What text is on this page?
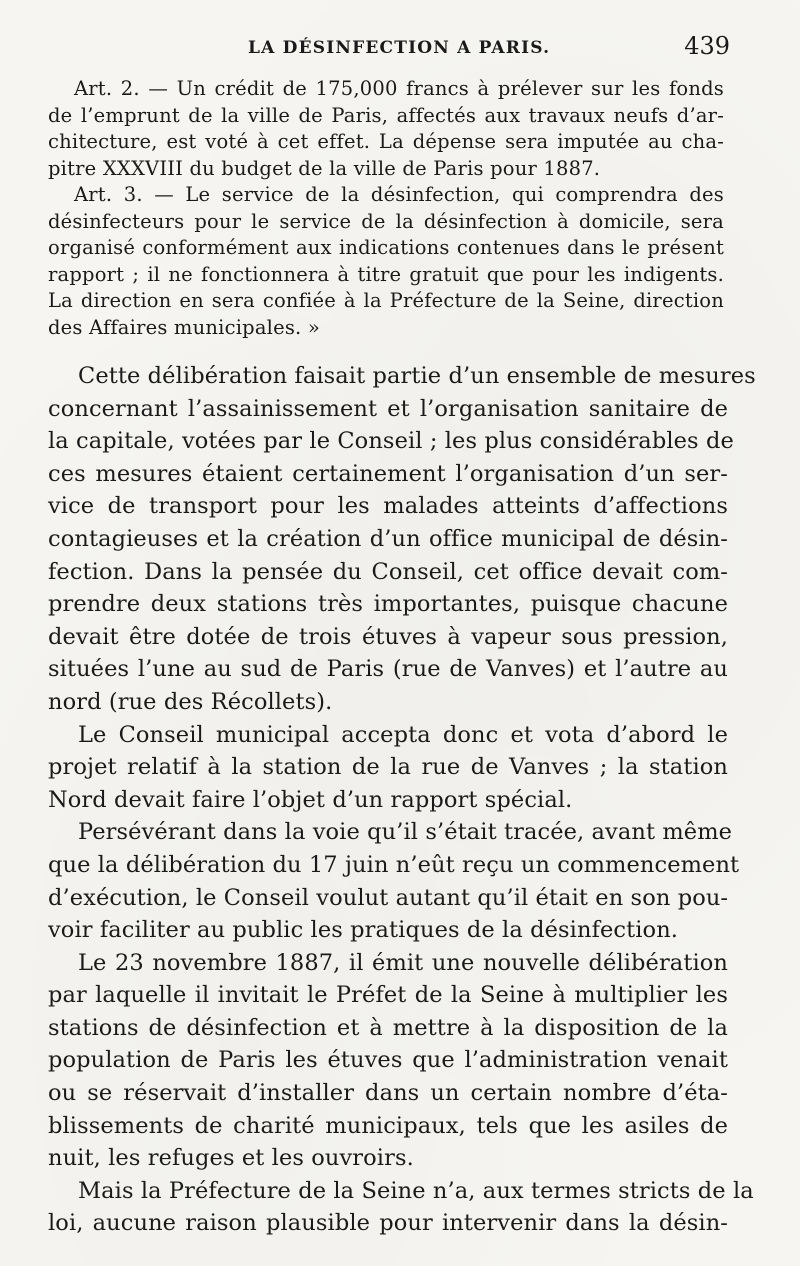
LA DÉSINFECTION A PARIS.	439
Art. 2. — Un crédit de 175,000 francs à prélever sur les fonds
de l’emprunt de la ville de Paris, affectés aux travaux neufs d’ar-
chitecture, est voté à cet effet. La dépense sera imputée au cha-
pitre XXXVIII du budget de la ville de Paris pour 1887.
Art. 3. — Le service de la désinfection, qui comprendra des
désinfecteurs pour le service de la désinfection à domicile, sera
organisé conformément aux indications contenues dans le présent
rapport ; il ne fonctionnera à titre gratuit que pour les indigents.
La direction en sera confiée à la Préfecture de la Seine, direction
des Affaires municipales. »
Cette délibération faisait partie d’un ensemble de mesures
concernant l’assainissement et l’organisation sanitaire de
la capitale, votées par le Conseil ; les plus considérables de
ces mesures étaient certainement l’organisation d’un ser-
vice de transport pour les malades atteints d’affections
contagieuses et la création d’un office municipal de désin-
fection. Dans la pensée du Conseil, cet office devait com-
prendre deux stations très importantes, puisque chacune
devait être dotée de trois étuves à vapeur sous pression,
situées l’une au sud de Paris (rue de Vanves) et l’autre au
nord (rue des Récollets).
Le Conseil municipal accepta donc et vota d’abord le
projet relatif à la station de la rue de Vanves ; la station
Nord devait faire l’objet d’un rapport spécial.
Persévérant dans la voie qu’il s’était tracée, avant même
que la délibération du 17 juin n’eût reçu un commencement
d’exécution, le Conseil voulut autant qu’il était en son pou-
voir faciliter au public les pratiques de la désinfection.
Le 23 novembre 1887, il émit une nouvelle délibération
par laquelle il invitait le Préfet de la Seine à multiplier les
stations de désinfection et à mettre à la disposition de la
population de Paris les étuves que l’administration venait
ou se réservait d’installer dans un certain nombre d’éta-
blissements de charité municipaux, tels que les asiles de
nuit, les refuges et les ouvroirs.
Mais la Préfecture de la Seine n’a, aux termes stricts de la
loi, aucune raison plausible pour intervenir dans la désin-
